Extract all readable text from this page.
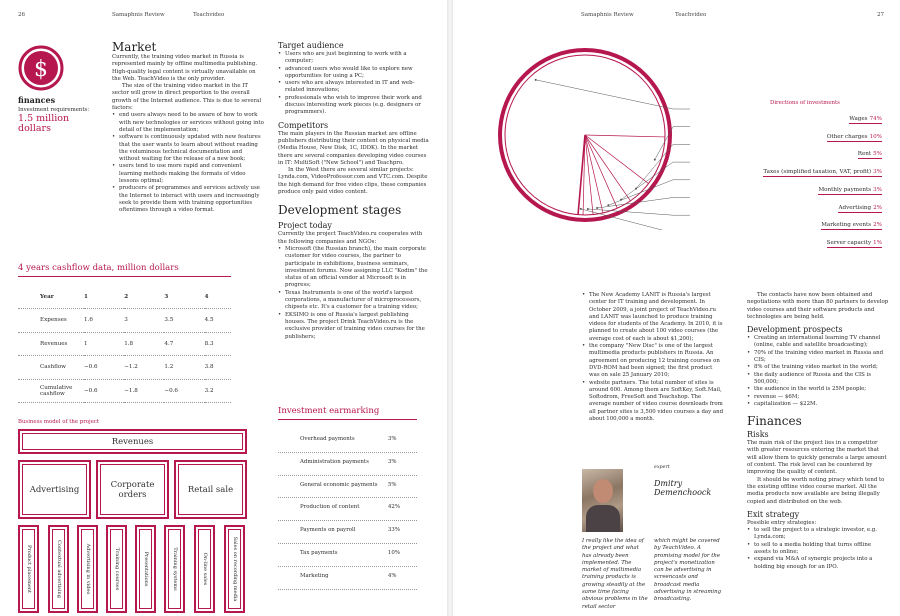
26	Samaphnis Review	Teachvideo
$
finances
Investment requirements:
1.5 million dollars
Market

Currently, the training video market in Russia is represented mainly by offline multimedia publishing. High-quality legal content is virtually unavailable on the Web. TeachVideo is the only provider.

The size of the training video market in the IT sector will grow in direct proportion to the overall growth of the Internet audience. This is due to several factors:

• end users always need to be aware of how to work with new technologies or services without going into detail of the implementation;
• software is continuously updated with new features that the user wants to learn about without reading the voluminous technical documentation and without waiting for the release of a new book;
• users tend to use more rapid and convenient learning methods making the formats of video lessons optimal;
• producers of programmes and services actively use the Internet to interact with users and increasingly seek to provide them with training opportunities oftentimes through a video format.
Target audience
• Users who are just beginning to work with a computer;
• advanced users who would like to explore new opportunities for using a PC;
• users who are always interested in IT and web-related innovations;
• professionals who wish to improve their work and discuss interesting work pieces (e.g. designers or programmers).
Competitors

The main players in the Russian market are offline publishers distributing their content on physical media (Media House, New Disk, 1C, IDDK). In the market there are several companies developing video courses in IT: MultiSoft ("New School") and Teachpro.

In the West there are several similar projects: Lynda.com, VideoProfessor.com and VTC.com. Despite the high demand for free video clips, these companies produce only paid video content.

Development stages
Project today

Currently the project TeachVideo.ru cooperates with the following companies and NGOs:

• Microsoft (the Russian branch), the main corporate customer for video courses, the partner to participate in exhibitions, business seminars, investment forums. Now assigning LLC "Kodim" the status of an official vendor at Microsoft is in progress;
• Texas Instruments is one of the world's largest corporations, a manufacturer of microprocessors, chipsets etc. It's a customer for a training video;
• EKSIMO is one of Russia's largest publishing houses. The project Drink TeachVideo.ru is the exclusive provider of training video courses for the publishers;
4 years cashflow data, million dollars
Year	1	2	3	4
Expenses	1.6	3	3.5	4.5
Revenues	1	1.8	4.7	8.3
Cashflow	−0.6	−1.2	1.2	3.8
Cumulative cashflow	−0.6	−1.8	−0.6	3.2
Business model of the project
Revenues
Advertising	Corporate orders	Retail sale
Product placement	Contextual advertising	Advertising in video	Training courses	Presentations	Training systems	On-line sales	Sales on recording media
Investment earmarking
Overhead payments	3%
Administration payments	3%
General economic payments 5%
Production of content	42%
Payments on payroll	33%
Tax payments	10%
Marketing	4%
Samaphnis Review	Teachvideo	27
Directions of investments
Wages 74%
Other charges 10%
Rent 5%
Taxes (simplified taxation, VAT, profit) 3%
Monthly payments 3%
Advertising 2%
Marketing events 2%
Server capacity 1%
• The New Academy LANIT is Russia's largest center for IT training and development. In October 2009, a joint project of TeachVideo.ru and LANIT was launched to produce training videos for students of the Academy. In 2010, it is planned to create about 100 video courses (the average cost of each is about $1,200);
• the company "New Disc" is one of the largest multimedia products publishers in Russia. An agreement on producing 12 training courses on DVD-ROM had been signed; the first product was on sale 25 January 2010;
• website partners. The total number of sites is around 600. Among them are SoftKey, Soft.Mail, Softodrom, FreeSoft and Teachshop. The average number of video course downloads from all partner sites is 3,500 video courses a day and about 100,000 a month.
expert
Dmitry Demenchoock
I really like the idea of the project and what has already been implemented. The market of multimedia training products is growing steadily at the same time facing obvious problems in the retail sector
which might be covered by TeachVideo. A promising model for the project's monetization can be advertising in screencasts and broadcast media advertising in streaming broadcasting.

The contacts have now been obtained and negotiations with more than 80 partners to develop video courses and their software products and technologies are being held.

Development prospects
• Creating an international learning TV channel (online, cable and satellite broadcasting);
• 70% of the training video market in Russia and CIS;
• 8% of the training video market in the world;
• the daily audience of Russia and the CIS is 500,000;
• the audience in the world is 25M people;
• revenue — $6M;
• capitalization — $22M.
Finances
Risks

The main risk of the project lies in a competitor with greater resources entering the market that will allow them to quickly generate a large amount of content. The risk level can be countered by improving the quality of content.

It should be worth noting piracy which tend to the existing offline video course market. All the media products now available are being illegally copied and distributed on the web.

Exit strategy

Possible entry strategies:

• to sell the project to a strategic investor, e.g. Lynda.com;
• to sell to a media holding that turns offline assets to online;
• expand via M&A of synergic projects into a holding big enough for an IPO.
